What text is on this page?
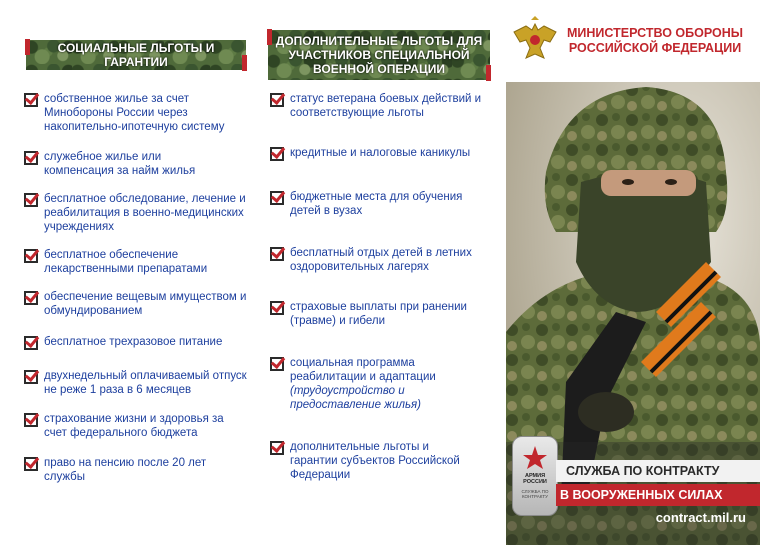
СОЦИАЛЬНЫЕ ЛЬГОТЫ И ГАРАНТИИ
собственное жилье за счет Минобороны России через накопительно-ипотечную систему
служебное жилье или компенсация за найм жилья
бесплатное обследование, лечение и реабилитация в военно-медицинских учреждениях
бесплатное обеспечение лекарственными препаратами
обеспечение вещевым имуществом и обмундированием
бесплатное трехразовое питание
двухнедельный оплачиваемый отпуск не реже 1 раза в 6 месяцев
страхование жизни и здоровья за счет федерального бюджета
право на пенсию после 20 лет службы
ДОПОЛНИТЕЛЬНЫЕ ЛЬГОТЫ ДЛЯ УЧАСТНИКОВ СПЕЦИАЛЬНОЙ ВОЕННОЙ ОПЕРАЦИИ
статус ветерана боевых действий и соответствующие льготы
кредитные и налоговые каникулы
бюджетные места для обучения детей в вузах
бесплатный отдых детей в летних оздоровительных лагерях
страховые выплаты при ранении (травме) и гибели
социальная программа реабилитации и адаптации
(трудоустройство и предоставление жилья)
дополнительные льготы и гарантии субъектов Российской Федерации
МИНИСТЕРСТВО ОБОРОНЫ РОССИЙСКОЙ ФЕДЕРАЦИИ
АРМИЯ РОССИИ
СЛУЖБА ПО КОНТРАКТУ
СЛУЖБА ПО КОНТРАКТУ
В ВООРУЖЕННЫХ СИЛАХ
contract.mil.ru
